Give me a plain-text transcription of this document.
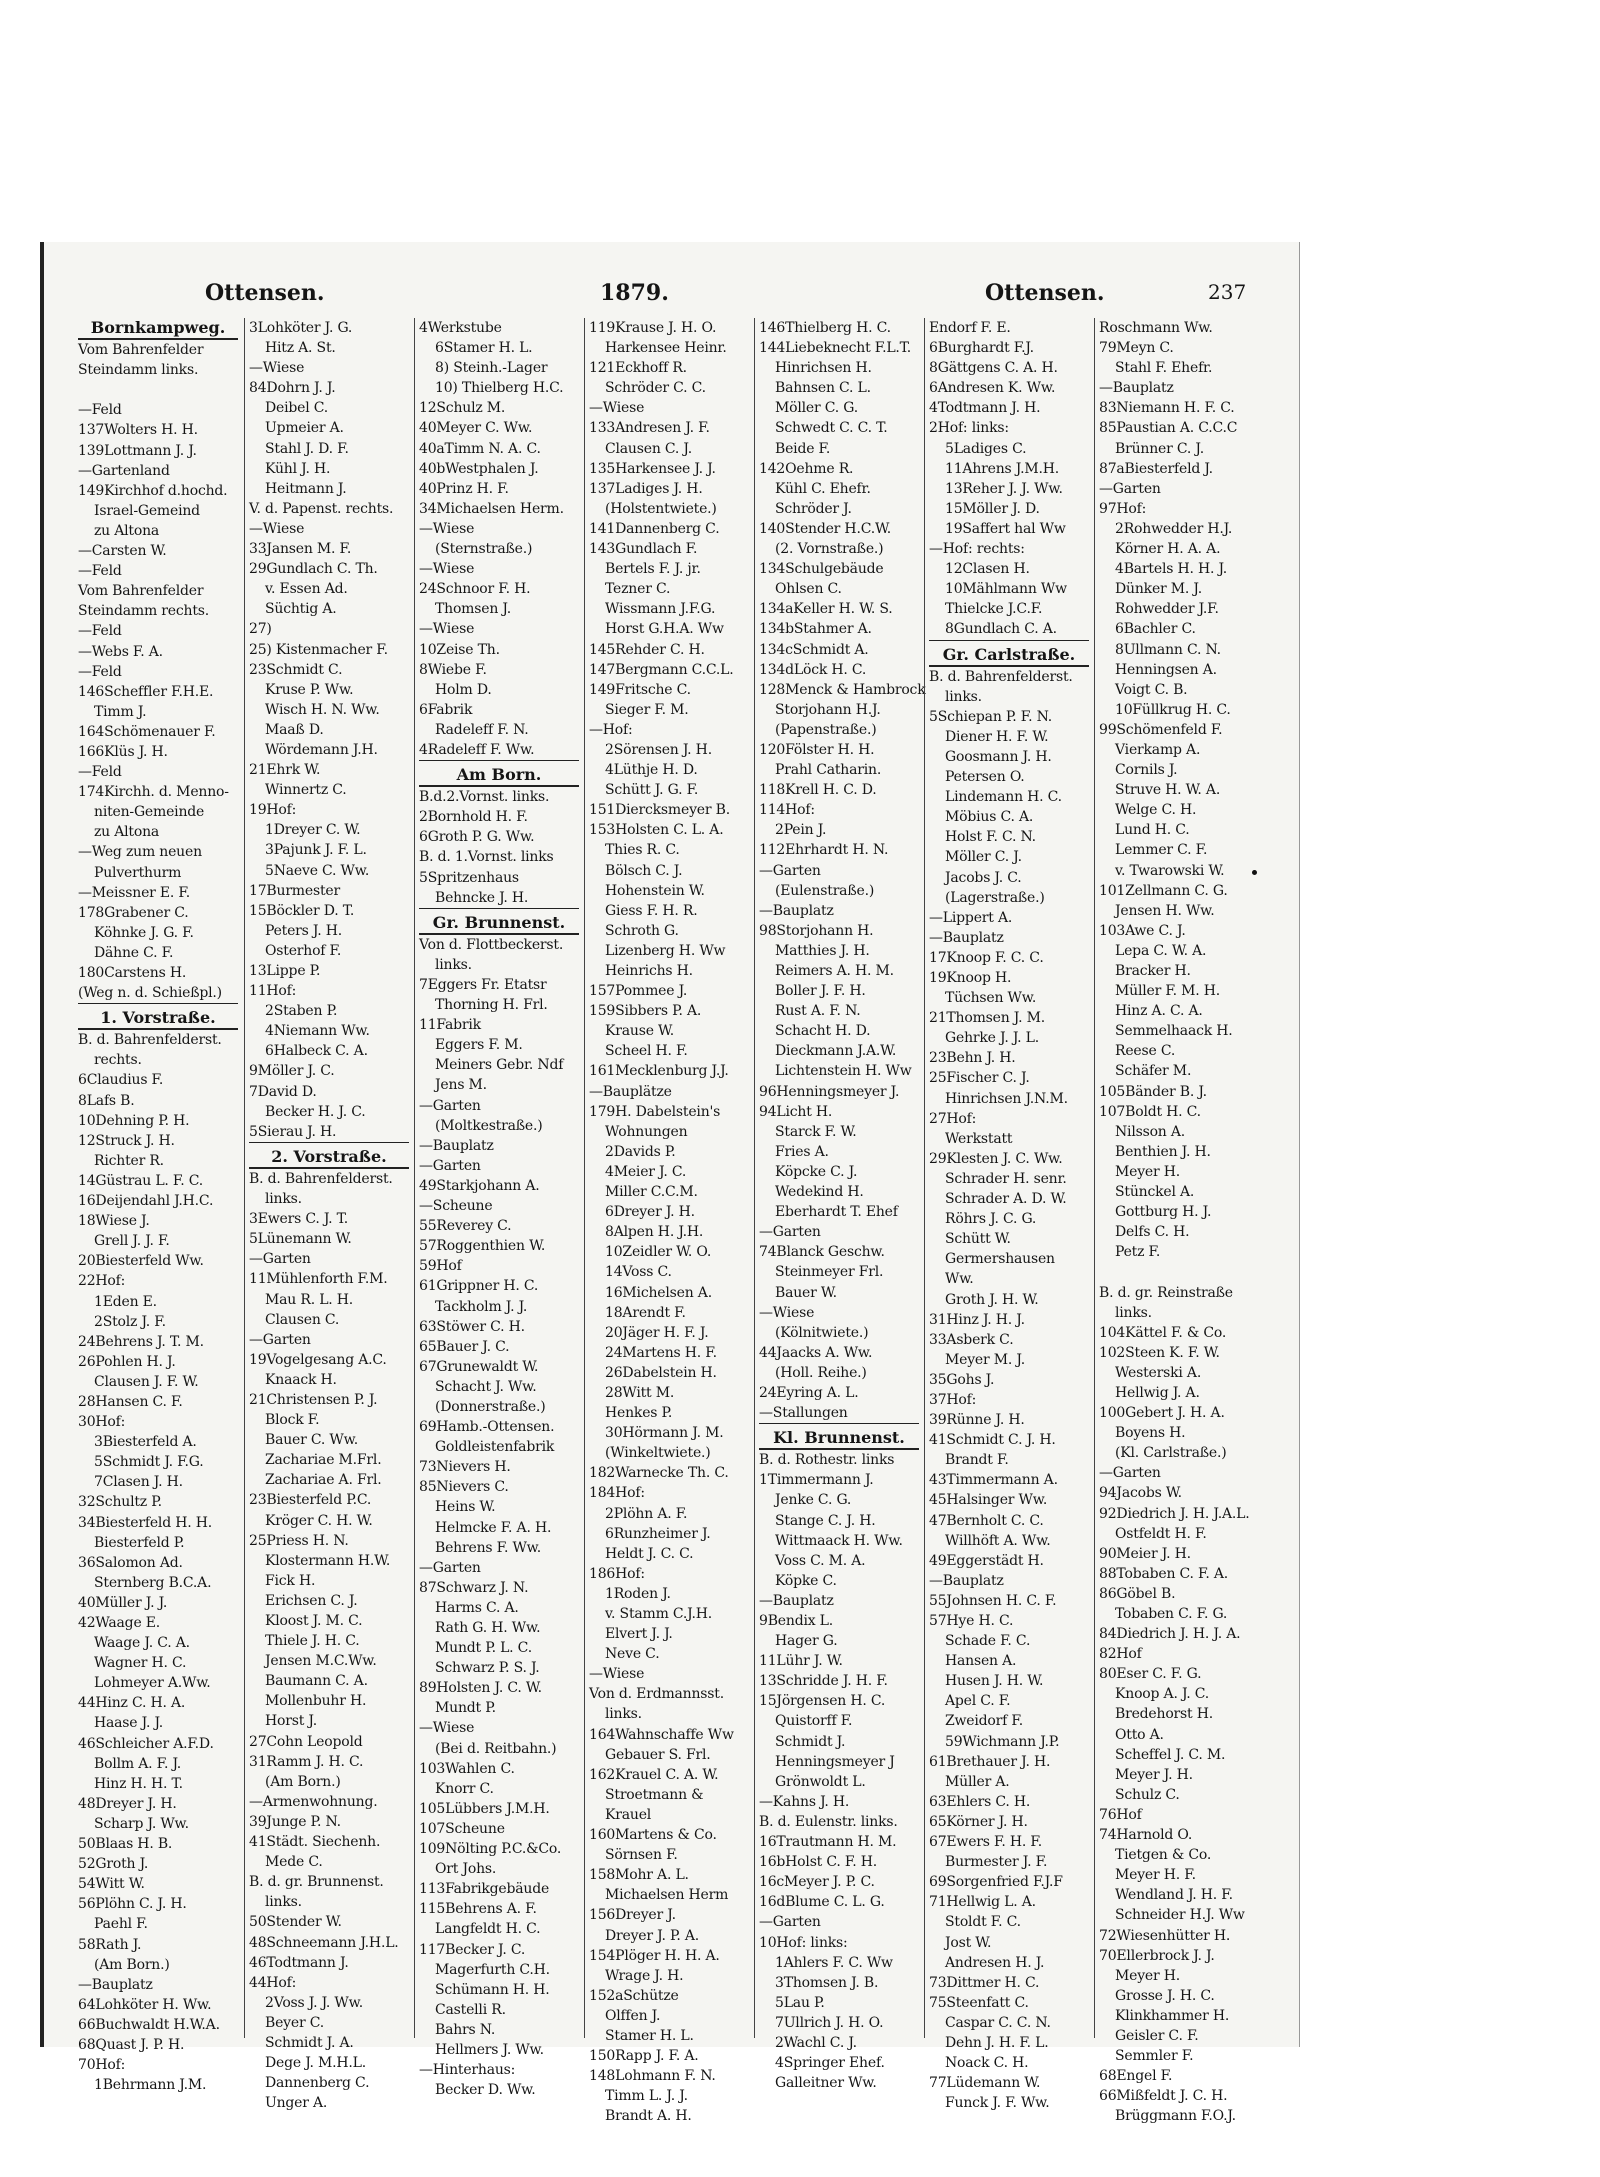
Ottensen.	1879.	Ottensen.	237
Bornkampweg.
Vom Bahrenfelder
Steindamm links.
—Feld
137Wolters H. H.
139Lottmann J. J.
—Gartenland
149Kirchhof d.hochd.
Israel-Gemeind
zu Altona
—Carsten W.
—Feld
Vom Bahrenfelder
Steindamm rechts.
—Feld
—Webs F. A.
—Feld
146Scheffler F.H.E.
Timm J.
164Schömenauer F.
166Klüs J. H.
—Feld
174Kirchh. d. Menno-
niten-Gemeinde
zu Altona
—Weg zum neuen
Pulverthurm
—Meissner E. F.
178Grabener C.
Köhnke J. G. F.
Dähne C. F.
180Carstens H.
(Weg n. d. Schießpl.)
1. Vorstraße.
B. d. Bahrenfelderst.
rechts.
6Claudius F.
8Lafs B.
10Dehning P. H.
12Struck J. H.
Richter R.
14Güstrau L. F. C.
16Deijendahl J.H.C.
18Wiese J.
Grell J. J. F.
20Biesterfeld Ww.
22Hof:
1Eden E.
2Stolz J. F.
24Behrens J. T. M.
26Pohlen H. J.
Clausen J. F. W.
28Hansen C. F.
30Hof:
3Biesterfeld A.
5Schmidt J. F.G.
7Clasen J. H.
32Schultz P.
34Biesterfeld H. H.
Biesterfeld P.
36Salomon Ad.
Sternberg B.C.A.
40Müller J. J.
42Waage E.
Waage J. C. A.
Wagner H. C.
Lohmeyer A.Ww.
44Hinz C. H. A.
Haase J. J.
46Schleicher A.F.D.
Bollm A. F. J.
Hinz H. H. T.
48Dreyer J. H.
Scharp J. Ww.
50Blaas H. B.
52Groth J.
54Witt W.
56Plöhn C. J. H.
Paehl F.
58Rath J.
(Am Born.)
—Bauplatz
64Lohköter H. Ww.
66Buchwaldt H.W.A.
68Quast J. P. H.
70Hof:
1Behrmann J.M.
3Lohköter J. G.
Hitz A. St.
—Wiese
84Dohrn J. J.
Deibel C.
Upmeier A.
Stahl J. D. F.
Kühl J. H.
Heitmann J.
V. d. Papenst. rechts.
—Wiese
33Jansen M. F.
29Gundlach C. Th.
v. Essen Ad.
Süchtig A.
27)
25) Kistenmacher F.
23Schmidt C.
Kruse P. Ww.
Wisch H. N. Ww.
Maaß D.
Wördemann J.H.
21Ehrk W.
Winnertz C.
19Hof:
1Dreyer C. W.
3Pajunk J. F. L.
5Naeve C. Ww.
17Burmester
15Böckler D. T.
Peters J. H.
Osterhof F.
13Lippe P.
11Hof:
2Staben P.
4Niemann Ww.
6Halbeck C. A.
9Möller J. C.
7David D.
Becker H. J. C.
5Sierau J. H.
2. Vorstraße.
B. d. Bahrenfelderst.
links.
3Ewers C. J. T.
5Lünemann W.
—Garten
11Mühlenforth F.M.
Mau R. L. H.
Clausen C.
—Garten
19Vogelgesang A.C.
Knaack H.
21Christensen P. J.
Block F.
Bauer C. Ww.
Zachariae M.Frl.
Zachariae A. Frl.
23Biesterfeld P.C.
Kröger C. H. W.
25Priess H. N.
Klostermann H.W.
Fick H.
Erichsen C. J.
Kloost J. M. C.
Thiele J. H. C.
Jensen M.C.Ww.
Baumann C. A.
Mollenbuhr H.
Horst J.
27Cohn Leopold
31Ramm J. H. C.
(Am Born.)
—Armenwohnung.
39Junge P. N.
41Städt. Siechenh.
Mede C.
B. d. gr. Brunnenst.
links.
50Stender W.
48Schneemann J.H.L.
46Todtmann J.
44Hof:
2Voss J. J. Ww.
Beyer C.
Schmidt J. A.
Dege J. M.H.L.
Dannenberg C.
Unger A.
4Werkstube
6Stamer H. L.
8) Steinh.-Lager
10) Thielberg H.C.
12Schulz M.
40Meyer C. Ww.
40aTimm N. A. C.
40bWestphalen J.
40Prinz H. F.
34Michaelsen Herm.
—Wiese
(Sternstraße.)
—Wiese
24Schnoor F. H.
Thomsen J.
—Wiese
10Zeise Th.
8Wiebe F.
Holm D.
6Fabrik
Radeleff F. N.
4Radeleff F. Ww.
Am Born.
B.d.2.Vornst. links.
2Bornhold H. F.
6Groth P. G. Ww.
B. d. 1.Vornst. links
5Spritzenhaus
Behncke J. H.
Gr. Brunnenst.
Von d. Flottbeckerst.
links.
7Eggers Fr. Etatsr
Thorning H. Frl.
11Fabrik
Eggers F. M.
Meiners Gebr. Ndf
Jens M.
—Garten
(Moltkestraße.)
—Bauplatz
—Garten
49Starkjohann A.
—Scheune
55Reverey C.
57Roggenthien W.
59Hof
61Grippner H. C.
Tackholm J. J.
63Stöwer C. H.
65Bauer J. C.
67Grunewaldt W.
Schacht J. Ww.
(Donnerstraße.)
69Hamb.-Ottensen.
Goldleistenfabrik
73Nievers H.
85Nievers C.
Heins W.
Helmcke F. A. H.
Behrens F. Ww.
—Garten
87Schwarz J. N.
Harms C. A.
Rath G. H. Ww.
Mundt P. L. C.
Schwarz P. S. J.
89Holsten J. C. W.
Mundt P.
—Wiese
(Bei d. Reitbahn.)
103Wahlen C.
Knorr C.
105Lübbers J.M.H.
107Scheune
109Nölting P.C.&Co.
Ort Johs.
113Fabrikgebäude
115Behrens A. F.
Langfeldt H. C.
117Becker J. C.
Magerfurth C.H.
Schümann H. H.
Castelli R.
Bahrs N.
Hellmers J. Ww.
—Hinterhaus:
Becker D. Ww.
119Krause J. H. O.
Harkensee Heinr.
121Eckhoff R.
Schröder C. C.
—Wiese
133Andresen J. F.
Clausen C. J.
135Harkensee J. J.
137Ladiges J. H.
(Holstentwiete.)
141Dannenberg C.
143Gundlach F.
Bertels F. J. jr.
Tezner C.
Wissmann J.F.G.
Horst G.H.A. Ww
145Rehder C. H.
147Bergmann C.C.L.
149Fritsche C.
Sieger F. M.
—Hof:
2Sörensen J. H.
4Lüthje H. D.
Schütt J. G. F.
151Diercksmeyer B.
153Holsten C. L. A.
Thies R. C.
Bölsch C. J.
Hohenstein W.
Giess F. H. R.
Schroth G.
Lizenberg H. Ww
Heinrichs H.
157Pommee J.
159Sibbers P. A.
Krause W.
Scheel H. F.
161Mecklenburg J.J.
—Bauplätze
179H. Dabelstein's
Wohnungen
2Davids P.
4Meier J. C.
Miller C.C.M.
6Dreyer J. H.
8Alpen H. J.H.
10Zeidler W. O.
14Voss C.
16Michelsen A.
18Arendt F.
20Jäger H. F. J.
24Martens H. F.
26Dabelstein H.
28Witt M.
Henkes P.
30Hörmann J. M.
(Winkeltwiete.)
182Warnecke Th. C.
184Hof:
2Plöhn A. F.
6Runzheimer J.
Heldt J. C. C.
186Hof:
1Roden J.
v. Stamm C.J.H.
Elvert J. J.
Neve C.
—Wiese
Von d. Erdmannsst.
links.
164Wahnschaffe Ww
Gebauer S. Frl.
162Krauel C. A. W.
Stroetmann &
Krauel
160Martens & Co.
Sörnsen F.
158Mohr A. L.
Michaelsen Herm
156Dreyer J.
Dreyer J. P. A.
154Plöger H. H. A.
Wrage J. H.
152aSchütze
Olffen J.
Stamer H. L.
150Rapp J. F. A.
148Lohmann F. N.
Timm L. J. J.
Brandt A. H.
146Thielberg H. C.
144Liebeknecht F.L.T.
Hinrichsen H.
Bahnsen C. L.
Möller C. G.
Schwedt C. C. T.
Beide F.
142Oehme R.
Kühl C. Ehefr.
Schröder J.
140Stender H.C.W.
(2. Vornstraße.)
134Schulgebäude
Ohlsen C.
134aKeller H. W. S.
134bStahmer A.
134cSchmidt A.
134dLöck H. C.
128Menck & Hambrock
Storjohann H.J.
(Papenstraße.)
120Fölster H. H.
Prahl Catharin.
118Krell H. C. D.
114Hof:
2Pein J.
112Ehrhardt H. N.
—Garten
(Eulenstraße.)
—Bauplatz
98Storjohann H.
Matthies J. H.
Reimers A. H. M.
Boller J. F. H.
Rust A. F. N.
Schacht H. D.
Dieckmann J.A.W.
Lichtenstein H. Ww
96Henningsmeyer J.
94Licht H.
Starck F. W.
Fries A.
Köpcke C. J.
Wedekind H.
Eberhardt T. Ehef
—Garten
74Blanck Geschw.
Steinmeyer Frl.
Bauer W.
—Wiese
(Kölnitwiete.)
44Jaacks A. Ww.
(Holl. Reihe.)
24Eyring A. L.
—Stallungen
Kl. Brunnenst.
B. d. Rothestr. links
1Timmermann J.
Jenke C. G.
Stange C. J. H.
Wittmaack H. Ww.
Voss C. M. A.
Köpke C.
—Bauplatz
9Bendix L.
Hager G.
11Lühr J. W.
13Schridde J. H. F.
15Jörgensen H. C.
Quistorff F.
Schmidt J.
Henningsmeyer J
Grönwoldt L.
—Kahns J. H.
B. d. Eulenstr. links.
16Trautmann H. M.
16bHolst C. F. H.
16cMeyer J. P. C.
16dBlume C. L. G.
—Garten
10Hof: links:
1Ahlers F. C. Ww
3Thomsen J. B.
5Lau P.
7Ullrich J. H. O.
2Wachl C. J.
4Springer Ehef.
Galleitner Ww.
Endorf F. E.
6Burghardt F.J.
8Gättgens C. A. H.
6Andresen K. Ww.
4Todtmann J. H.
2Hof: links:
5Ladiges C.
11Ahrens J.M.H.
13Reher J. J. Ww.
15Möller J. D.
19Saffert hal Ww
—Hof: rechts:
12Clasen H.
10Mählmann Ww
Thielcke J.C.F.
8Gundlach C. A.
Gr. Carlstraße.
B. d. Bahrenfelderst.
links.
5Schiepan P. F. N.
Diener H. F. W.
Goosmann J. H.
Petersen O.
Lindemann H. C.
Möbius C. A.
Holst F. C. N.
Möller C. J.
Jacobs J. C.
(Lagerstraße.)
—Lippert A.
—Bauplatz
17Knoop F. C. C.
19Knoop H.
Tüchsen Ww.
21Thomsen J. M.
Gehrke J. J. L.
23Behn J. H.
25Fischer C. J.
Hinrichsen J.N.M.
27Hof:
Werkstatt
29Klesten J. C. Ww.
Schrader H. senr.
Schrader A. D. W.
Röhrs J. C. G.
Schütt W.
Germershausen
Ww.
Groth J. H. W.
31Hinz J. H. J.
33Asberk C.
Meyer M. J.
35Gohs J.
37Hof:
39Rünne J. H.
41Schmidt C. J. H.
Brandt F.
43Timmermann A.
45Halsinger Ww.
47Bernholt C. C.
Willhöft A. Ww.
49Eggerstädt H.
—Bauplatz
55Johnsen H. C. F.
57Hye H. C.
Schade F. C.
Hansen A.
Husen J. H. W.
Apel C. F.
Zweidorf F.
59Wichmann J.P.
61Brethauer J. H.
Müller A.
63Ehlers C. H.
65Körner J. H.
67Ewers F. H. F.
Burmester J. F.
69Sorgenfried F.J.F
71Hellwig L. A.
Stoldt F. C.
Jost W.
Andresen H. J.
73Dittmer H. C.
75Steenfatt C.
Caspar C. C. N.
Dehn J. H. F. L.
Noack C. H.
77Lüdemann W.
Funck J. F. Ww.
Roschmann Ww.
79Meyn C.
Stahl F. Ehefr.
—Bauplatz
83Niemann H. F. C.
85Paustian A. C.C.C
Brünner C. J.
87aBiesterfeld J.
—Garten
97Hof:
2Rohwedder H.J.
Körner H. A. A.
4Bartels H. H. J.
Dünker M. J.
Rohwedder J.F.
6Bachler C.
8Ullmann C. N.
Henningsen A.
Voigt C. B.
10Füllkrug H. C.
99Schömenfeld F.
Vierkamp A.
Cornils J.
Struve H. W. A.
Welge C. H.
Lund H. C.
Lemmer C. F.
v. Twarowski W.
101Zellmann C. G.
Jensen H. Ww.
103Awe C. J.
Lepa C. W. A.
Bracker H.
Müller F. M. H.
Hinz A. C. A.
Semmelhaack H.
Reese C.
Schäfer M.
105Bänder B. J.
107Boldt H. C.
Nilsson A.
Benthien J. H.
Meyer H.
Stünckel A.
Gottburg H. J.
Delfs C. H.
Petz F.
B. d. gr. Reinstraße
links.
104Kättel F. & Co.
102Steen K. F. W.
Westerski A.
Hellwig J. A.
100Gebert J. H. A.
Boyens H.
(Kl. Carlstraße.)
—Garten
94Jacobs W.
92Diedrich J. H. J.A.L.
Ostfeldt H. F.
90Meier J. H.
88Tobaben C. F. A.
86Göbel B.
Tobaben C. F. G.
84Diedrich J. H. J. A.
82Hof
80Eser C. F. G.
Knoop A. J. C.
Bredehorst H.
Otto A.
Scheffel J. C. M.
Meyer J. H.
Schulz C.
76Hof
74Harnold O.
Tietgen & Co.
Meyer H. F.
Wendland J. H. F.
Schneider H.J. Ww
72Wiesenhütter H.
70Ellerbrock J. J.
Meyer H.
Grosse J. H. C.
Klinkhammer H.
Geisler C. F.
Semmler F.
68Engel F.
66Mißfeldt J. C. H.
Brüggmann F.O.J.
